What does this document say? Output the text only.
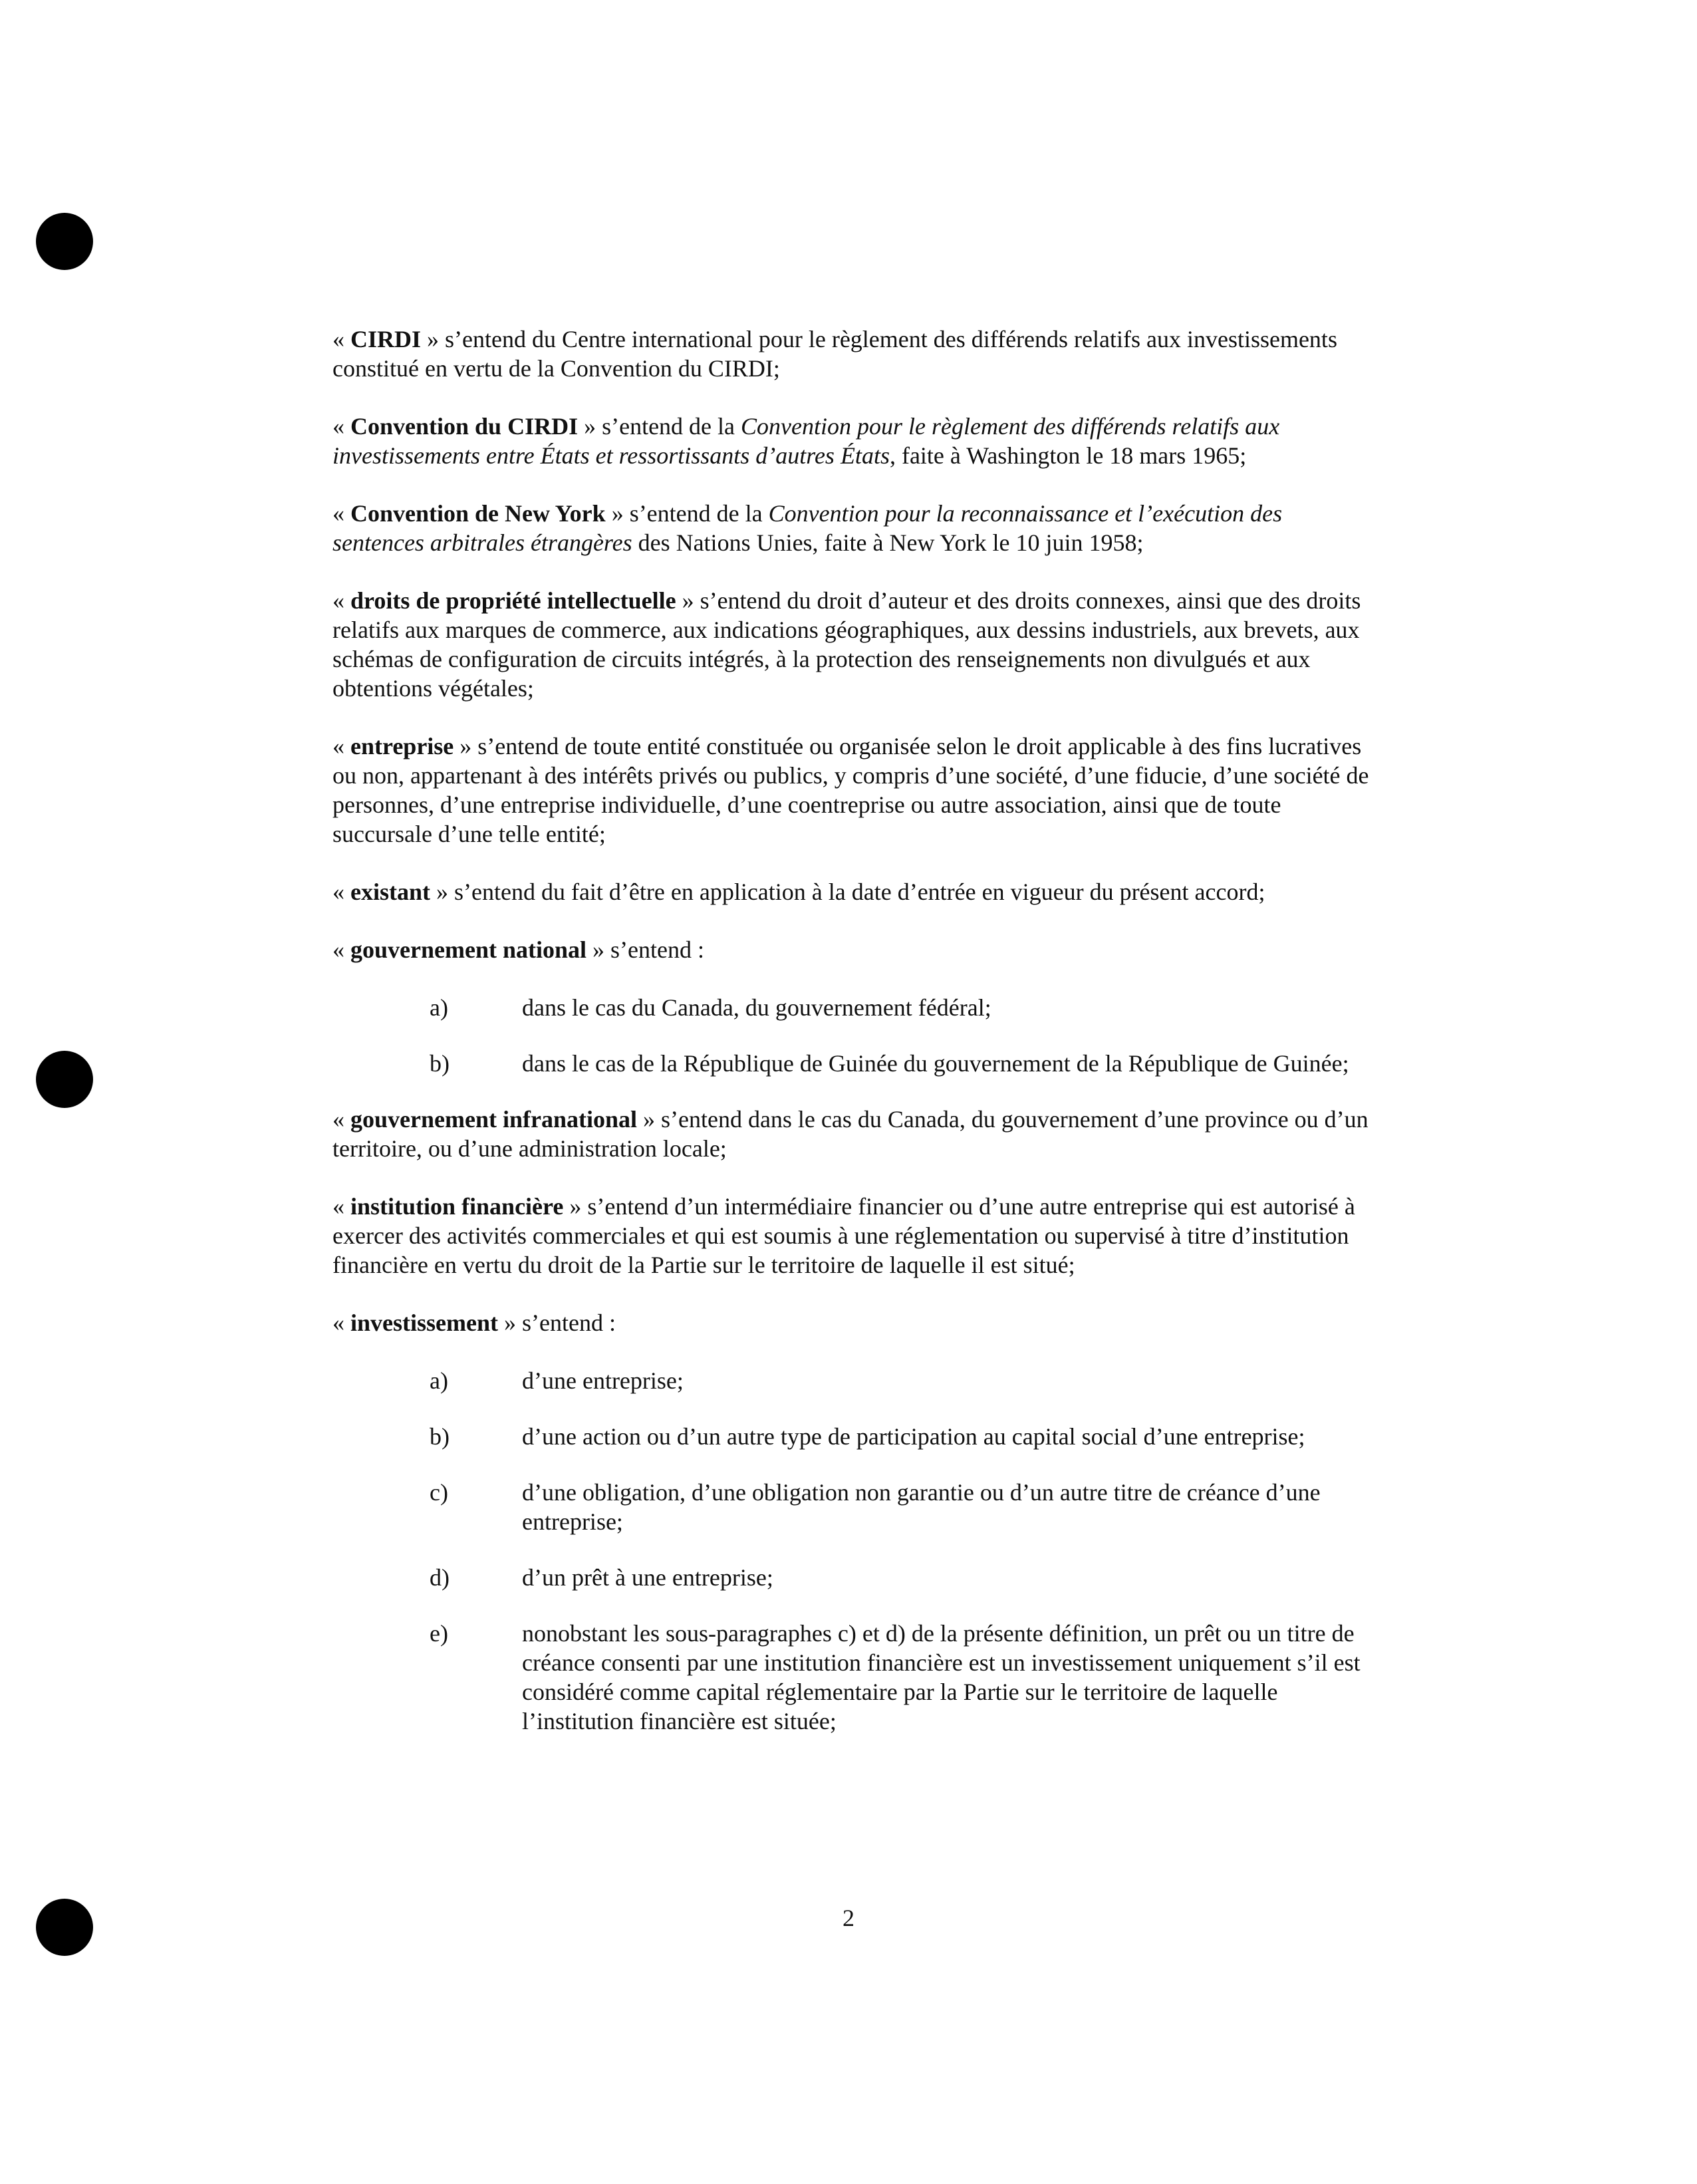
« CIRDI » s’entend du Centre international pour le règlement des différends relatifs aux investissements constitué en vertu de la Convention du CIRDI;

« Convention du CIRDI » s’entend de la Convention pour le règlement des différends relatifs aux investissements entre États et ressortissants d’autres États, faite à Washington le 18 mars 1965;

« Convention de New York » s’entend de la Convention pour la reconnaissance et l’exécution des sentences arbitrales étrangères des Nations Unies, faite à New York le 10 juin 1958;

« droits de propriété intellectuelle » s’entend du droit d’auteur et des droits connexes, ainsi que des droits relatifs aux marques de commerce, aux indications géographiques, aux dessins industriels, aux brevets, aux schémas de configuration de circuits intégrés, à la protection des renseignements non divulgués et aux obtentions végétales;

« entreprise » s’entend de toute entité constituée ou organisée selon le droit applicable à des fins lucratives ou non, appartenant à des intérêts privés ou publics, y compris d’une société, d’une fiducie, d’une société de personnes, d’une entreprise individuelle, d’une coentreprise ou autre association, ainsi que de toute succursale d’une telle entité;

« existant » s’entend du fait d’être en application à la date d’entrée en vigueur du présent accord;

« gouvernement national » s’entend :

a)	dans le cas du Canada, du gouvernement fédéral;
b)	dans le cas de la République de Guinée du gouvernement de la République de Guinée;

« gouvernement infranational » s’entend dans le cas du Canada, du gouvernement d’une province ou d’un territoire, ou d’une administration locale;

« institution financière » s’entend d’un intermédiaire financier ou d’une autre entreprise qui est autorisé à exercer des activités commerciales et qui est soumis à une réglementation ou supervisé à titre d’institution financière en vertu du droit de la Partie sur le territoire de laquelle il est situé;

« investissement » s’entend :

a)	d’une entreprise;
b)	d’une action ou d’un autre type de participation au capital social d’une entreprise;
c)	d’une obligation, d’une obligation non garantie ou d’un autre titre de créance d’une entreprise;
d)	d’un prêt à une entreprise;
e)	nonobstant les sous-paragraphes c) et d) de la présente définition, un prêt ou un titre de créance consenti par une institution financière est un investissement uniquement s’il est considéré comme capital réglementaire par la Partie sur le territoire de laquelle l’institution financière est située;
2
